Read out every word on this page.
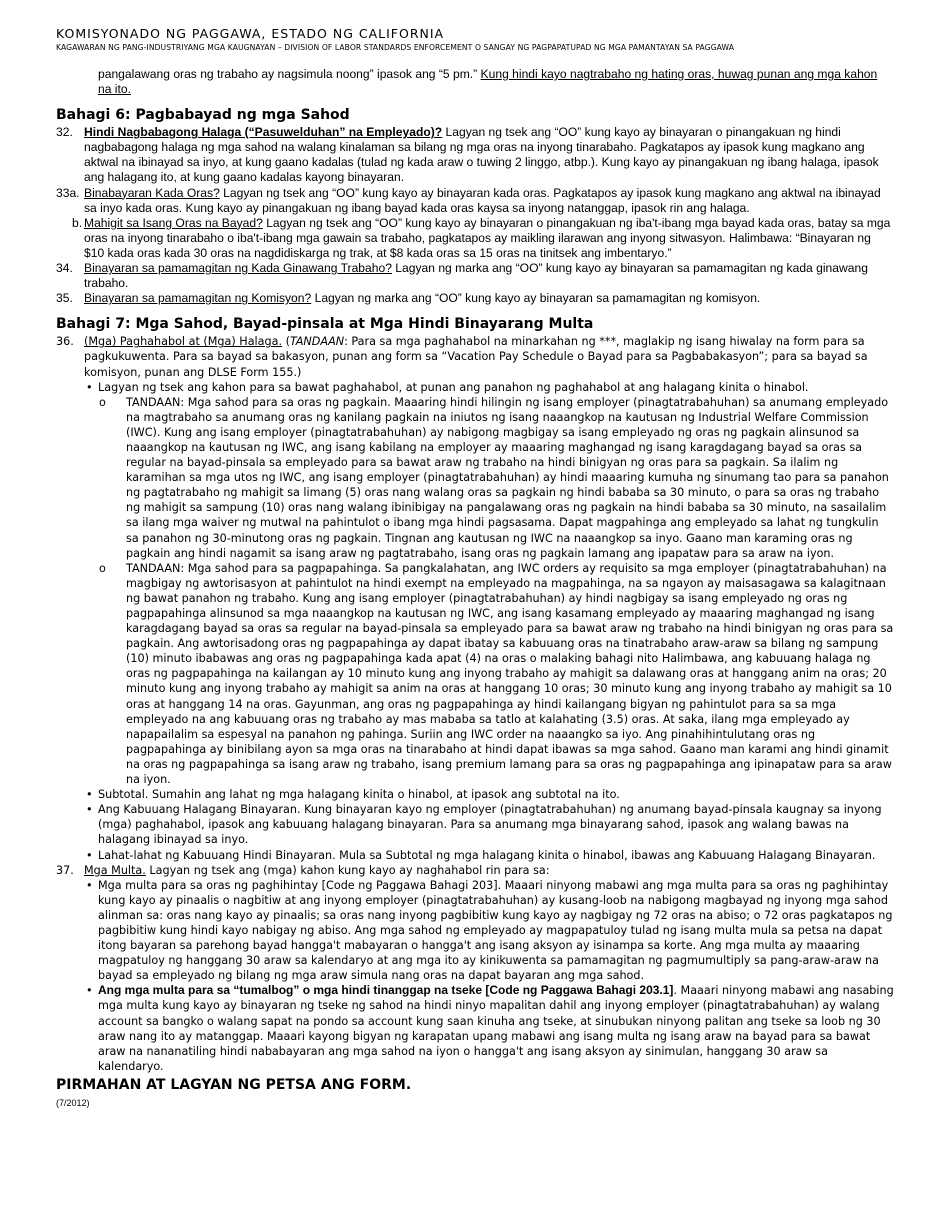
KOMISYONADO NG PAGGAWA, ESTADO NG CALIFORNIA
KAGAWARAN NG PANG-INDUSTRIYANG MGA KAUGNAYAN – DIVISION OF LABOR STANDARDS ENFORCEMENT O SANGAY NG PAGPAPATUPAD NG MGA PAMANTAYAN SA PAGGAWA
pangalawang oras ng trabaho ay nagsimula noong” ipasok ang “5 pm.” Kung hindi kayo nagtrabaho ng hating oras, huwag punan ang mga kahon na ito.
Bahagi 6: Pagbabayad ng mga Sahod
32. Hindi Nagbabagong Halaga (“Pasuwelduhan” na Empleyado)? Lagyan ng tsek ang “OO” kung kayo ay binayaran o pinangakuan ng hindi nagbabagong halaga ng mga sahod na walang kinalaman sa bilang ng mga oras na inyong tinarabaho. Pagkatapos ay ipasok kung magkano ang aktwal na ibinayad sa inyo, at kung gaano kadalas (tulad ng kada araw o tuwing 2 linggo, atbp.). Kung kayo ay pinangakuan ng ibang halaga, ipasok ang halagang ito, at kung gaano kadalas kayong binayaran.
33a. Binabayaran Kada Oras? Lagyan ng tsek ang “OO” kung kayo ay binayaran kada oras. Pagkatapos ay ipasok kung magkano ang aktwal na ibinayad sa inyo kada oras. Kung kayo ay pinangakuan ng ibang bayad kada oras kaysa sa inyong natanggap, ipasok rin ang halaga.
b. Mahigit sa Isang Oras na Bayad? Lagyan ng tsek ang “OO” kung kayo ay binayaran o pinangakuan ng iba't-ibang mga bayad kada oras, batay sa mga oras na inyong tinarabaho o iba't-ibang mga gawain sa trabaho, pagkatapos ay maikling ilarawan ang inyong sitwasyon. Halimbawa: “Binayaran ng $10 kada oras kada 30 oras na nagdidiskarga ng trak, at $8 kada oras sa 15 oras na tinitsek ang imbentaryo.”
34. Binayaran sa pamamagitan ng Kada Ginawang Trabaho? Lagyan ng marka ang “OO” kung kayo ay binayaran sa pamamagitan ng kada ginawang trabaho.
35. Binayaran sa pamamagitan ng Komisyon? Lagyan ng marka ang “OO” kung kayo ay binayaran sa pamamagitan ng komisyon.
Bahagi 7: Mga Sahod, Bayad-pinsala at Mga Hindi Binayarang Multa
36. (Mga) Paghahabol at (Mga) Halaga. (TANDAAN: Para sa mga paghahabol na minarkahan ng ***, maglakip ng isang hiwalay na form para sa pagkukuwenta. Para sa bayad sa bakasyon, punan ang form sa “Vacation Pay Schedule o Bayad para sa Pagbabakasyon”; para sa bayad sa komisyon, punan ang DLSE Form 155.)
• Lagyan ng tsek ang kahon para sa bawat paghahabol, at punan ang panahon ng paghahabol at ang halagang kinita o hinabol.
o TANDAAN: Mga sahod para sa oras ng pagkain. Maaaring hindi hilingin ng isang employer (pinagtatrabahuhan) sa anumang empleyado na magtrabaho sa anumang oras ng kanilang pagkain na iniutos ng isang naaangkop na kautusan ng Industrial Welfare Commission (IWC). Kung ang isang employer (pinagtatrabahuhan) ay nabigong magbigay sa isang empleyado ng oras ng pagkain alinsunod sa naaangkop na kautusan ng IWC, ang isang kabilang na employer ay maaaring maghangad ng isang karagdagang bayad sa oras sa regular na bayad-pinsala sa empleyado para sa bawat araw ng trabaho na hindi binigyan ng oras para sa pagkain. Sa ilalim ng karamihan sa mga utos ng IWC, ang isang employer (pinagtatrabahuhan) ay hindi maaaring kumuha ng sinumang tao para sa panahon ng pagtatrabaho ng mahigit sa limang (5) oras nang walang oras sa pagkain ng hindi bababa sa 30 minuto, o para sa oras ng trabaho ng mahigit sa sampung (10) oras nang walang ibinibigay na pangalawang oras ng pagkain na hindi bababa sa 30 minuto, na sasailalim sa ilang mga waiver ng mutwal na pahintulot o ibang mga hindi pagsasama. Dapat magpahinga ang empleyado sa lahat ng tungkulin sa panahon ng 30-minutong oras ng pagkain. Tingnan ang kautusan ng IWC na naaangkop sa inyo. Gaano man karaming oras ng pagkain ang hindi nagamit sa isang araw ng pagtatrabaho, isang oras ng pagkain lamang ang ipapataw para sa araw na iyon.
o TANDAAN: Mga sahod para sa pagpapahinga. Sa pangkalahatan, ang IWC orders ay requisito sa mga employer (pinagtatrabahuhan) na magbigay ng awtorisasyon at pahintulot na hindi exempt na empleyado na magpahinga, na sa ngayon ay maisasagawa sa kalagitnaan ng bawat panahon ng trabaho. Kung ang isang employer (pinagtatrabahuhan) ay hindi nagbigay sa isang empleyado ng oras ng pagpapahinga alinsunod sa mga naaangkop na kautusan ng IWC, ang isang kasamang empleyado ay maaaring maghangad ng isang karagdagang bayad sa oras sa regular na bayad-pinsala sa empleyado para sa bawat araw ng trabaho na hindi binigyan ng oras para sa pagkain. Ang awtorisadong oras ng pagpapahinga ay dapat ibatay sa kabuuang oras na tinatrabaho araw-araw sa bilang ng sampung (10) minuto ibabawas ang oras ng pagpapahinga kada apat (4) na oras o malaking bahagi nito Halimbawa, ang kabuuang halaga ng oras ng pagpapahinga na kailangan ay 10 minuto kung ang inyong trabaho ay mahigit sa dalawang oras at hanggang anim na oras; 20 minuto kung ang inyong trabaho ay mahigit sa anim na oras at hanggang 10 oras; 30 minuto kung ang inyong trabaho ay mahigit sa 10 oras at hanggang 14 na oras. Gayunman, ang oras ng pagpapahinga ay hindi kailangang bigyan ng pahintulot para sa sa mga empleyado na ang kabuuang oras ng trabaho ay mas mababa sa tatlo at kalahating (3.5) oras. At saka, ilang mga empleyado ay napapailalim sa espesyal na panahon ng pahinga. Suriin ang IWC order na naaangko sa iyo. Ang pinahihintulutang oras ng pagpapahinga ay binibilang ayon sa mga oras na tinarabaho at hindi dapat ibawas sa mga sahod. Gaano man karami ang hindi ginamit na oras ng pagpapahinga sa isang araw ng trabaho, isang premium lamang para sa oras ng pagpapahinga ang ipinapataw para sa araw na iyon.
• Subtotal. Sumahin ang lahat ng mga halagang kinita o hinabol, at ipasok ang subtotal na ito.
• Ang Kabuuang Halagang Binayaran. Kung binayaran kayo ng employer (pinagtatrabahuhan) ng anumang bayad-pinsala kaugnay sa inyong (mga) paghahabol, ipasok ang kabuuang halagang binayaran. Para sa anumang mga binayarang sahod, ipasok ang walang bawas na halagang ibinayad sa inyo.
• Lahat-lahat ng Kabuuang Hindi Binayaran. Mula sa Subtotal ng mga halagang kinita o hinabol, ibawas ang Kabuuang Halagang Binayaran.
37. Mga Multa. Lagyan ng tsek ang (mga) kahon kung kayo ay naghahabol rin para sa:
• Mga multa para sa oras ng paghihintay [Code ng Paggawa Bahagi 203]. Maaari ninyong mabawi ang mga multa para sa oras ng paghihintay kung kayo ay pinaalis o nagbitiw at ang inyong employer (pinagtatrabahuhan) ay kusang-loob na nabigong magbayad ng inyong mga sahod alinman sa: oras nang kayo ay pinaalis; sa oras nang inyong pagbibitiw kung kayo ay nagbigay ng 72 oras na abiso; o 72 oras pagkatapos ng pagbibitiw kung hindi kayo nabigay ng abiso. Ang mga sahod ng empleyado ay magpapatuloy tulad ng isang multa mula sa petsa na dapat itong bayaran sa parehong bayad hangga't mabayaran o hangga't ang isang aksyon ay isinampa sa korte. Ang mga multa ay maaaring magpatuloy ng hanggang 30 araw sa kalendaryo at ang mga ito ay kinikuwenta sa pamamagitan ng pagmumultiply sa pang-araw-araw na bayad sa empleyado ng bilang ng mga araw simula nang oras na dapat bayaran ang mga sahod.
• Ang mga multa para sa “tumalbog” o mga hindi tinanggap na tseke [Code ng Paggawa Bahagi 203.1]. Maaari ninyong mabawi ang nasabing mga multa kung kayo ay binayaran ng tseke ng sahod na hindi ninyo mapalitan dahil ang inyong employer (pinagtatrabahuhan) ay walang account sa bangko o walang sapat na pondo sa account kung saan kinuha ang tseke, at sinubukan ninyong palitan ang tseke sa loob ng 30 araw nang ito ay matanggap. Maaari kayong bigyan ng karapatan upang mabawi ang isang multa ng isang araw na bayad para sa bawat araw na nananatiling hindi nababayaran ang mga sahod na iyon o hangga't ang isang aksyon ay sinimulan, hanggang 30 araw sa kalendaryo.
PIRMAHAN AT LAGYAN NG PETSA ANG FORM.
(7/2012)
